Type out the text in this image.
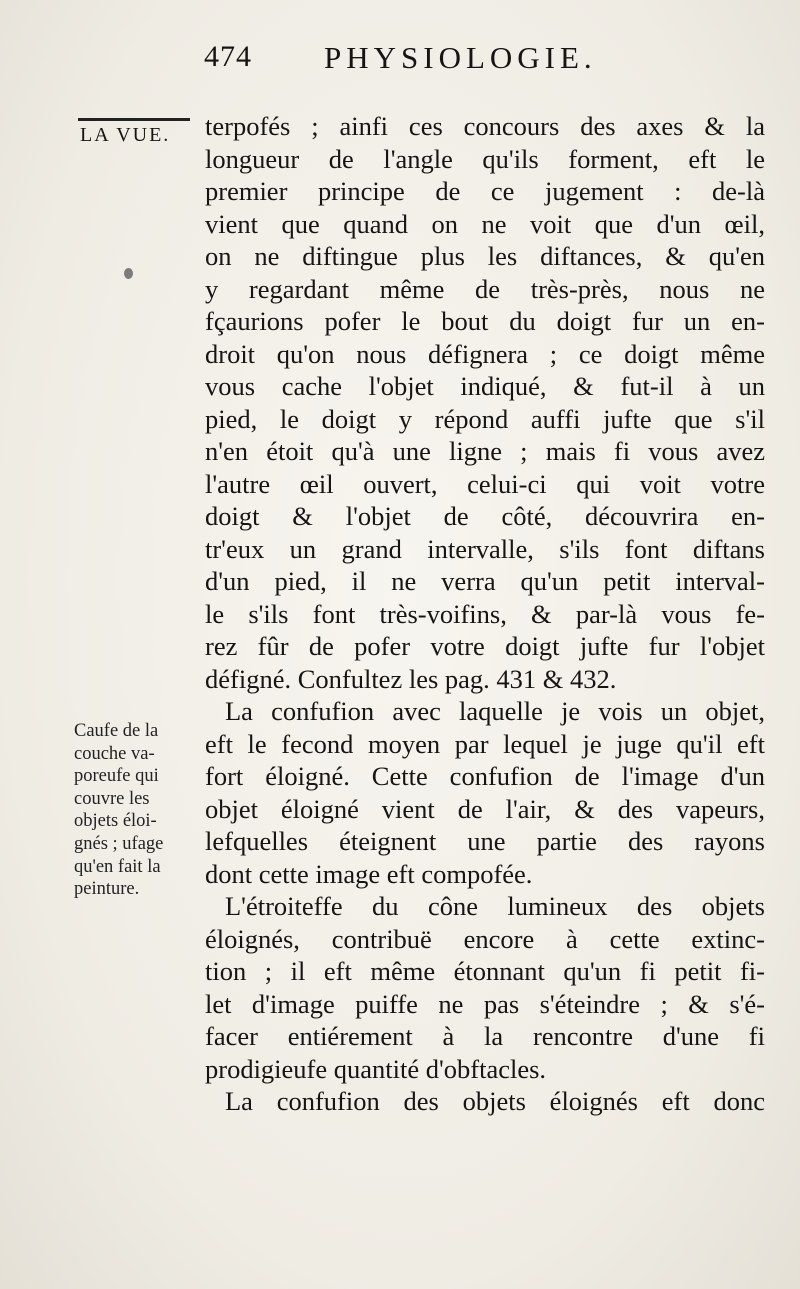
474 PHYSIOLOGIE.
LA VUE.
Caufe de la
couche va-
poreufe qui
couvre les
objets éloi-
gnés ; ufage
qu'en fait la
peinture.
terpofés ; ainfi ces concours des axes & la
longueur de l'angle qu'ils forment, eft le
premier principe de ce jugement : de-là
vient que quand on ne voit que d'un œil,
on ne diftingue plus les diftances, & qu'en
y regardant même de très-près, nous ne
fçaurions pofer le bout du doigt fur un en-
droit qu'on nous défignera ; ce doigt même
vous cache l'objet indiqué, & fut-il à un
pied, le doigt y répond auffi jufte que s'il
n'en étoit qu'à une ligne ; mais fi vous avez
l'autre œil ouvert, celui-ci qui voit votre
doigt & l'objet de côté, découvrira en-
tr'eux un grand intervalle, s'ils font diftans
d'un pied, il ne verra qu'un petit interval-
le s'ils font très-voifins, & par-là vous fe-
rez fûr de pofer votre doigt jufte fur l'objet
défigné. Confultez les pag. 431 & 432.
La confufion avec laquelle je vois un objet,
eft le fecond moyen par lequel je juge qu'il eft
fort éloigné. Cette confufion de l'image d'un
objet éloigné vient de l'air, & des vapeurs,
lefquelles éteignent une partie des rayons
dont cette image eft compofée.
L'étroiteffe du cône lumineux des objets
éloignés, contribuë encore à cette extinc-
tion ; il eft même étonnant qu'un fi petit fi-
let d'image puiffe ne pas s'éteindre ; & s'é-
facer entiérement à la rencontre d'une fi
prodigieufe quantité d'obftacles.
La confufion des objets éloignés eft donc
